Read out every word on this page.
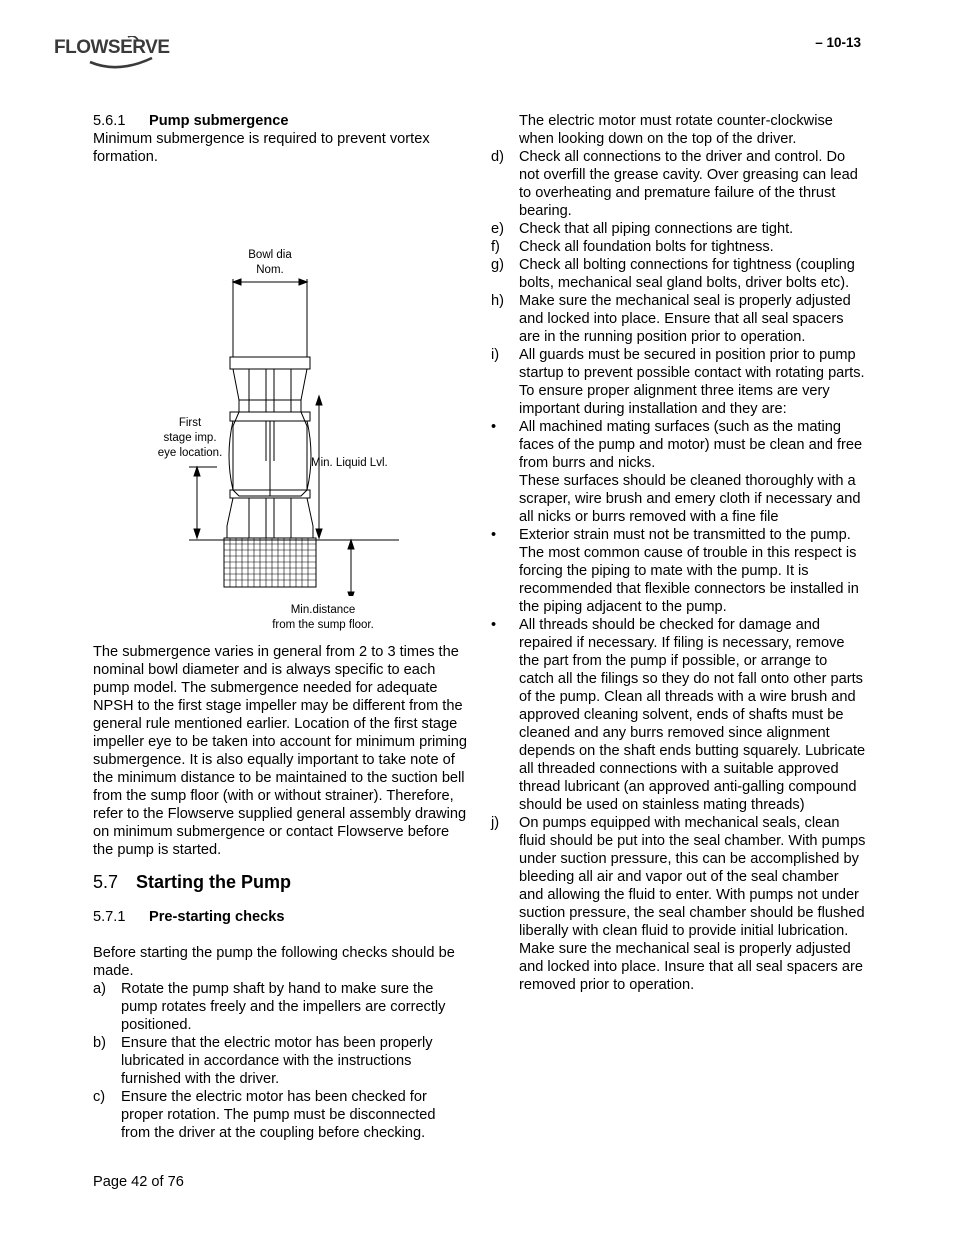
FLOWSERVE	– 10-13
5.6.1 Pump submergence

Minimum submergence is required to prevent vortex formation.

Bowl dia
Nom.
First
stage imp.
eye location.
Min. Liquid Lvl.
Min.distance
from the sump floor.

The submergence varies in general from 2 to 3 times the nominal bowl diameter and is always specific to each pump model. The submergence needed for adequate NPSH to the first stage impeller may be different from the general rule mentioned earlier. Location of the first stage impeller eye to be taken into account for minimum priming submergence. It is also equally important to take note of the minimum distance to be maintained to the suction bell from the sump floor (with or without strainer). Therefore, refer to the Flowserve supplied general assembly drawing on minimum submergence or contact Flowserve before the pump is started.

5.7 Starting the Pump
5.7.1 Pre-starting checks

Before starting the pump the following checks should be made.

a)	Rotate the pump shaft by hand to make sure the pump rotates freely and the impellers are correctly positioned.
b)	Ensure that the electric motor has been properly lubricated in accordance with the instructions furnished with the driver.
c)	Ensure the electric motor has been checked for proper rotation. The pump must be disconnected from the driver at the coupling before checking.
The electric motor must rotate counter-clockwise when looking down on the top of the driver.
d)	Check all connections to the driver and control. Do not overfill the grease cavity. Over greasing can lead to overheating and premature failure of the thrust bearing.
e)	Check that all piping connections are tight.
f)	Check all foundation bolts for tightness.
g)	Check all bolting connections for tightness (coupling bolts, mechanical seal gland bolts, driver bolts etc).
h)	Make sure the mechanical seal is properly adjusted and locked into place. Ensure that all seal spacers are in the running position prior to operation.
i)	All guards must be secured in position prior to pump startup to prevent possible contact with rotating parts.
To ensure proper alignment three items are very important during installation and they are:
•	All machined mating surfaces (such as the mating faces of the pump and motor) must be clean and free from burrs and nicks.
These surfaces should be cleaned thoroughly with a scraper, wire brush and emery cloth if necessary and all nicks or burrs removed with a fine file
•	Exterior strain must not be transmitted to the pump. The most common cause of trouble in this respect is forcing the piping to mate with the pump. It is recommended that flexible connectors be installed in the piping adjacent to the pump.
•	All threads should be checked for damage and repaired if necessary. If filing is necessary, remove the part from the pump if possible, or arrange to catch all the filings so they do not fall onto other parts of the pump. Clean all threads with a wire brush and approved cleaning solvent, ends of shafts must be cleaned and any burrs removed since alignment depends on the shaft ends butting squarely. Lubricate all threaded connections with a suitable approved thread lubricant (an approved anti-galling compound should be used on stainless mating threads)
j)	On pumps equipped with mechanical seals, clean fluid should be put into the seal chamber. With pumps under suction pressure, this can be accomplished by bleeding all air and vapor out of the seal chamber and allowing the fluid to enter. With pumps not under suction pressure, the seal chamber should be flushed liberally with clean fluid to provide initial lubrication. Make sure the mechanical seal is properly adjusted and locked into place. Insure that all seal spacers are removed prior to operation.
Page 42 of 76
